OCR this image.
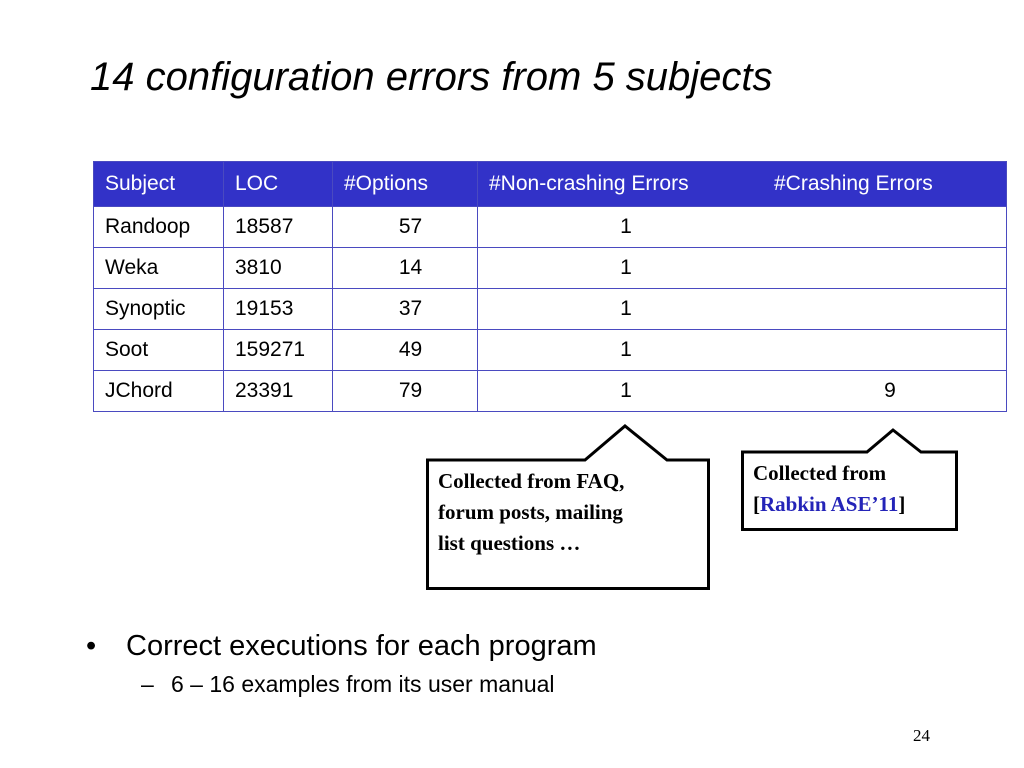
14 configuration errors from 5 subjects
Subject	LOC	#Options	#Non-crashing Errors	#Crashing Errors
Randoop	18587	57	1	

Weka	3810	14	1	

Synoptic	19153	37	1	

Soot	159271	49	1	

JChord	23391	79	1	9
Collected from FAQ,
forum posts, mailing
list questions …
Collected from
[Rabkin ASE’11]
•	Correct executions for each program
– 6 – 16 examples from its user manual
24
